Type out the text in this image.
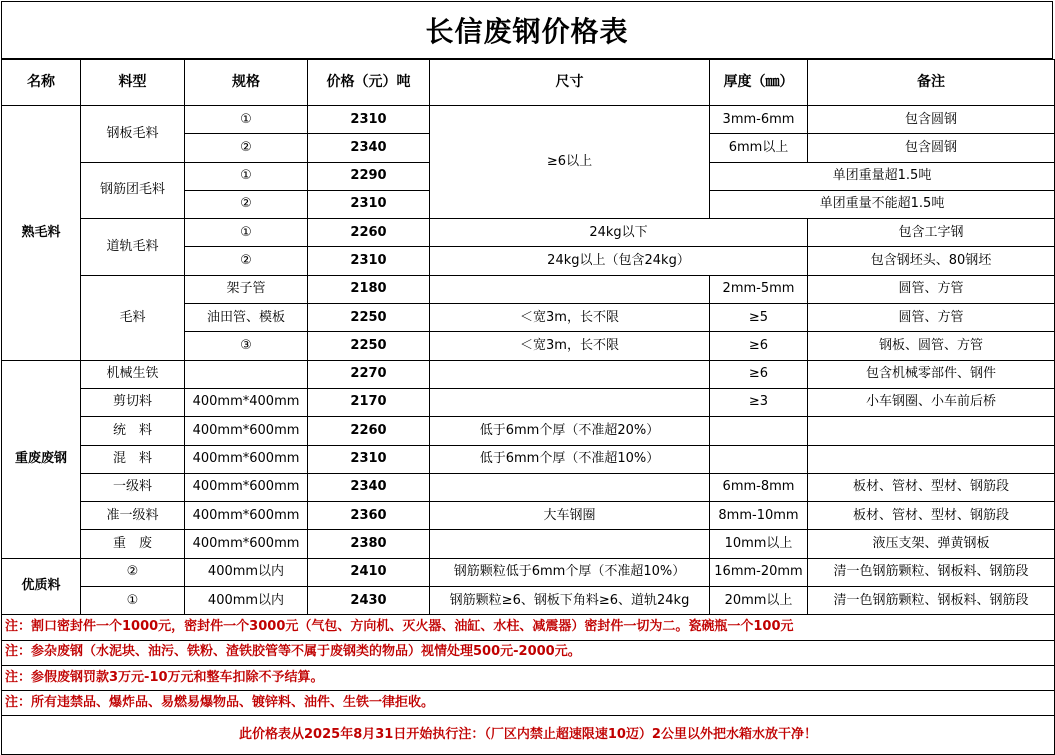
长信废钢价格表
名称	料型	规格	价格（元）吨	尺寸	厚度（㎜）	备注
熟毛料	钢板毛料	①	2310	≥6以上	3mm-6mm	包含圆钢
		②	2340		6mm以上	包含圆钢
	钢筋团毛料	①	2290		单团重量超1.5吨	
		②	2310		单团重量不能超1.5吨	
	道轨毛料	①	2260	24kg以下		包含工字钢
		②	2310	24kg以上（包含24kg）		包含钢坯头、80钢坯
	毛料	架子管	2180		2mm-5mm	圆管、方管
		油田管、模板	2250	＜宽3m，长不限	≥5	圆管、方管
		③	2250	＜宽3m，长不限	≥6	钢板、圆管、方管
重废废钢	机械生铁		2270		≥6	包含机械零部件、钢件
	剪切料	400mm*400mm	2170		≥3	小车钢圈、小车前后桥
	统　料	400mm*600mm	2260	低于6mm个厚（不准超20%）		
	混　料	400mm*600mm	2310	低于6mm个厚（不准超10%）		
	一级料	400mm*600mm	2340		6mm-8mm	板材、管材、型材、钢筋段
	准一级料	400mm*600mm	2360	大车钢圈	8mm-10mm	板材、管材、型材、钢筋段
	重　废	400mm*600mm	2380		10mm以上	液压支架、弹黄钢板
优质料	②	400mm以内	2410	钢筋颗粒低于6mm个厚（不准超10%）	16mm-20mm	清一色钢筋颗粒、钢板料、钢筋段
	①	400mm以内	2430	钢筋颗粒≥6、钢板下角料≥6、道轨24kg	20mm以上	清一色钢筋颗粒、钢板料、钢筋段
注：割口密封件一个1000元，密封件一个3000元（气包、方向机、灭火器、油缸、水柱、减震器）密封件一切为二。瓷碗瓶一个100元						
注：参杂废钢（水泥块、油污、铁粉、渣铁胶管等不属于废钢类的物品）视情处理500元-2000元。						
注：参假废钢罚款3万元-10万元和整车扣除不予结算。						
注：所有违禁品、爆炸品、易燃易爆物品、镀锌料、油件、生铁一律拒收。						
此价格表从2025年8月31日开始执行注：（厂区内禁止超速限速10迈）2公里以外把水箱水放干净！						
